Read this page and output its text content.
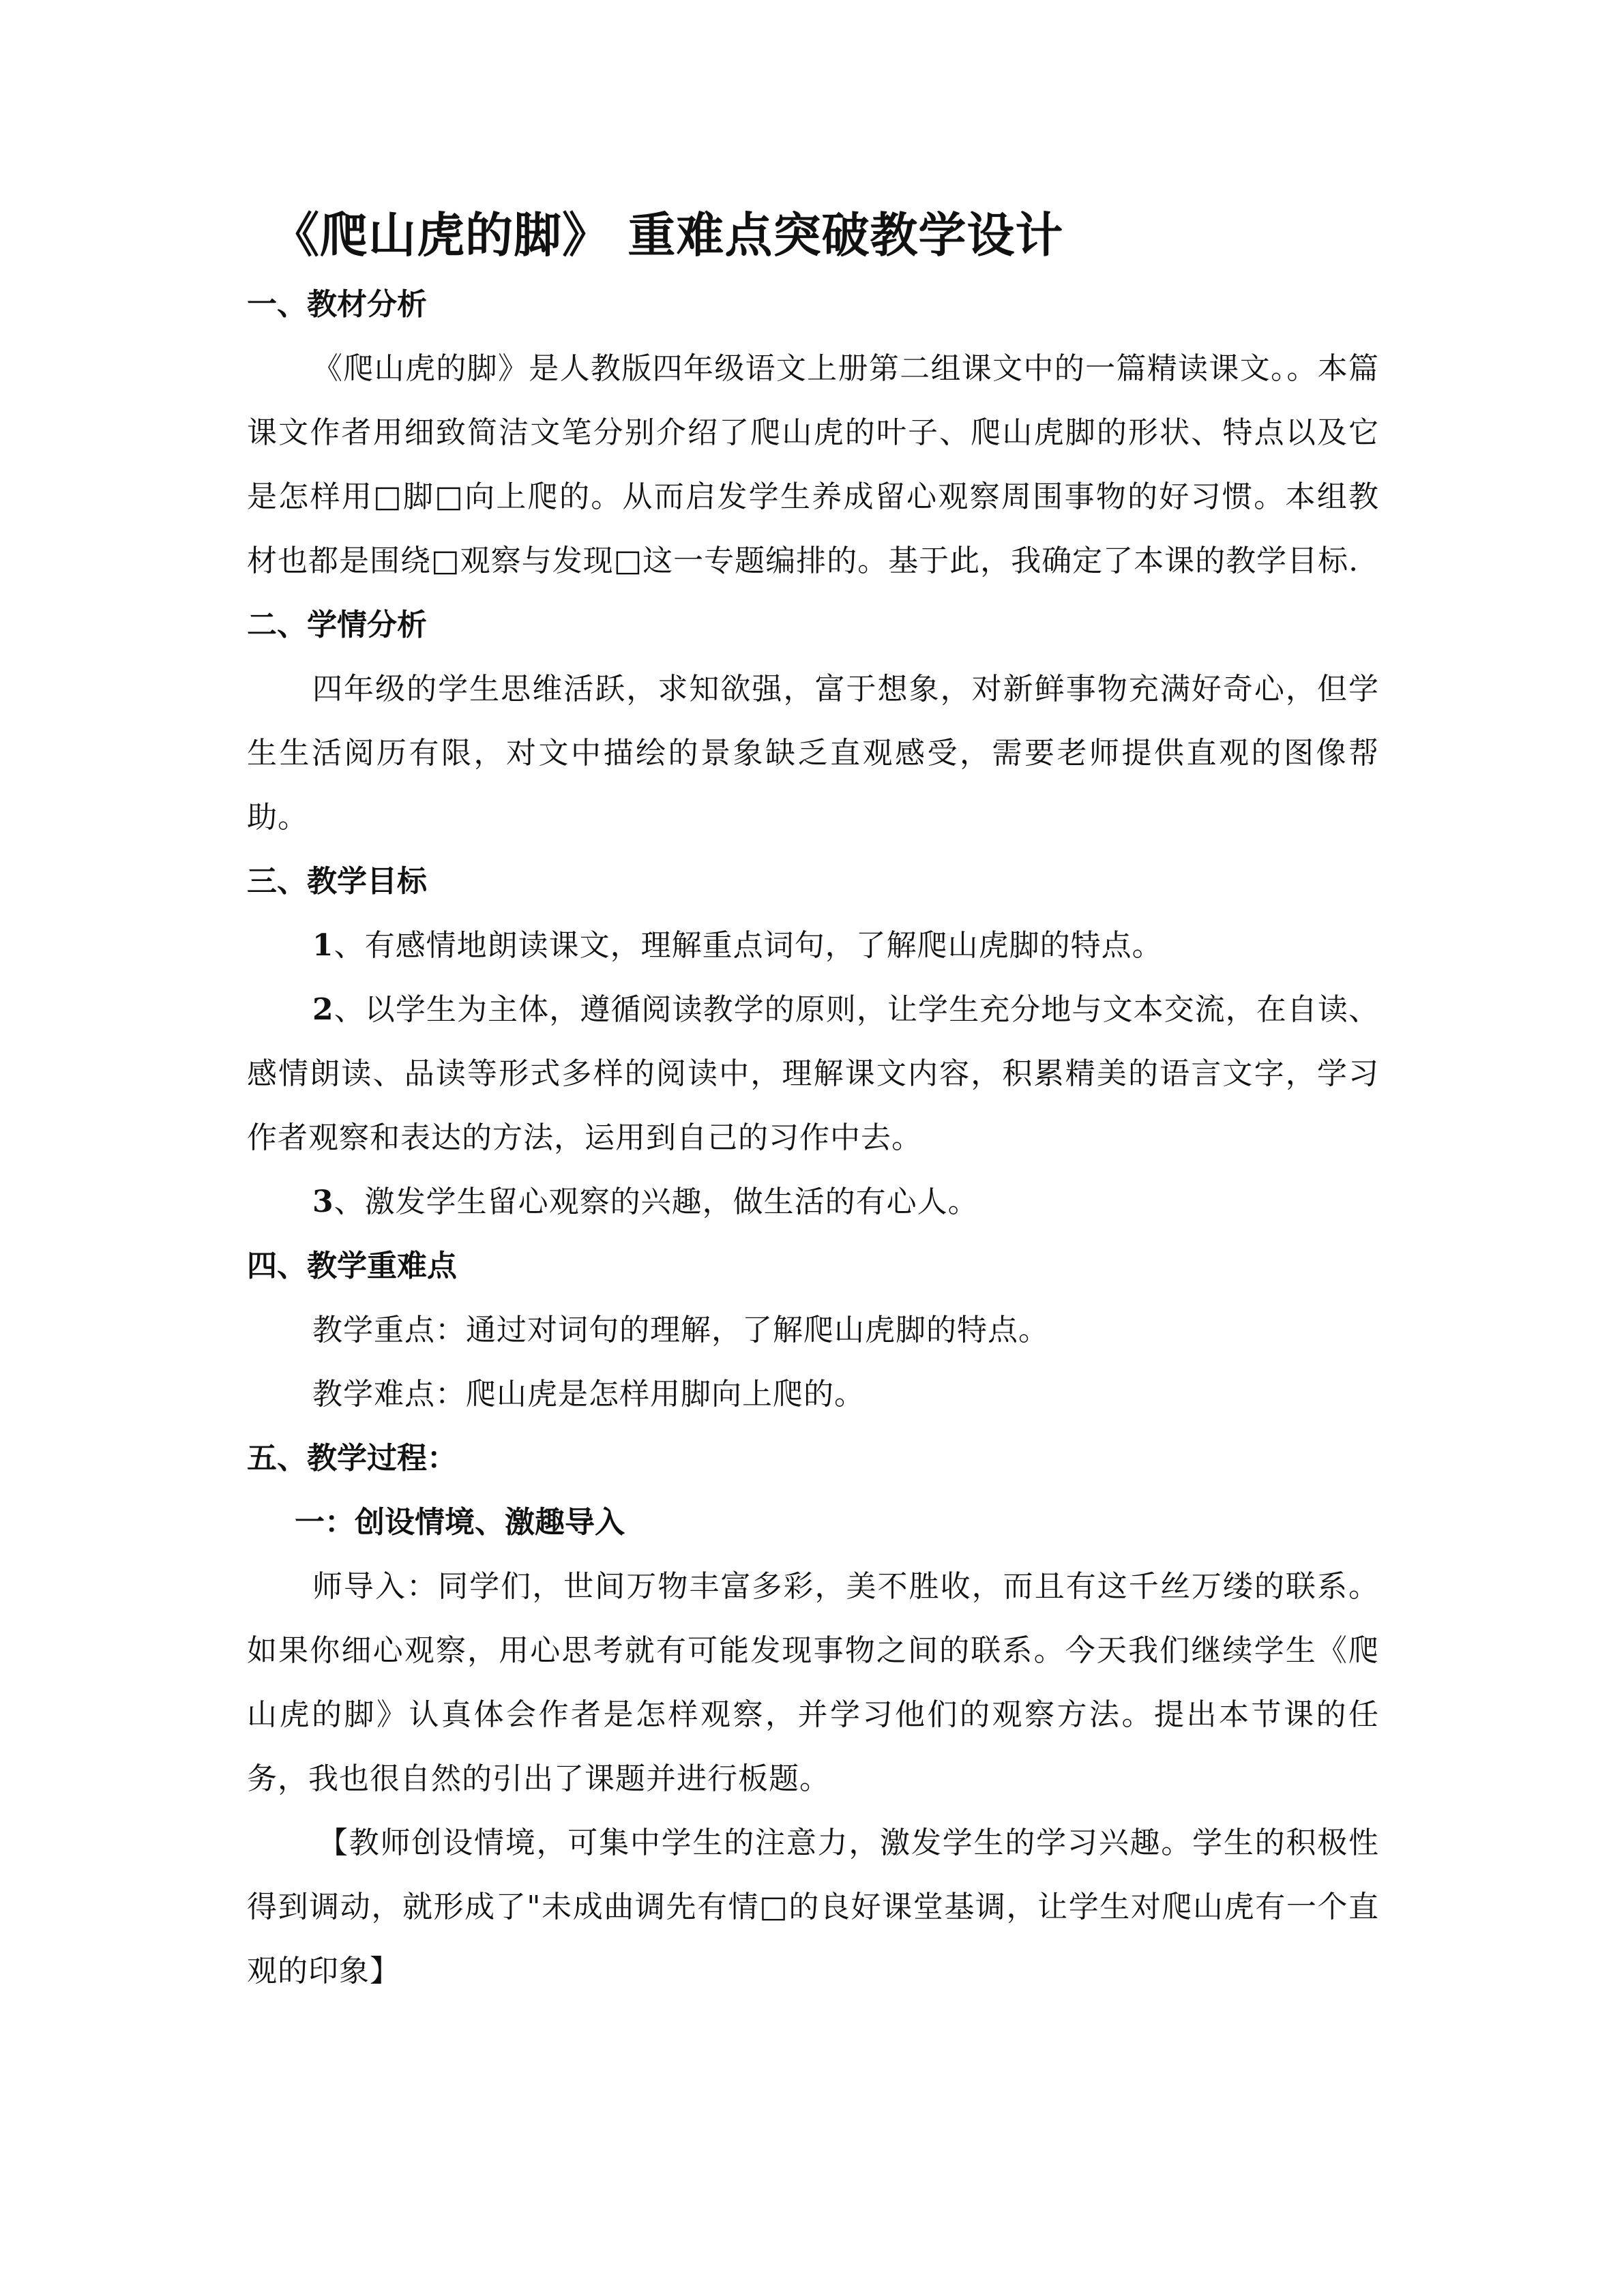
《爬山虎的脚》 重难点突破教学设计
一、教材分析

《爬山虎的脚》是人教版四年级语文上册第二组课文中的一篇精读课文。。本篇课文作者用细致简洁文笔分别介绍了爬山虎的叶子、爬山虎脚的形状、特点以及它是怎样用□脚□向上爬的。从而启发学生养成留心观察周围事物的好习惯。本组教材也都是围绕□观察与发现□这一专题编排的。基于此，我确定了本课的教学目标.

二、学情分析

四年级的学生思维活跃，求知欲强，富于想象，对新鲜事物充满好奇心，但学生生活阅历有限，对文中描绘的景象缺乏直观感受，需要老师提供直观的图像帮助。

三、教学目标

1、有感情地朗读课文，理解重点词句，了解爬山虎脚的特点。

2、以学生为主体，遵循阅读教学的原则，让学生充分地与文本交流，在自读、感情朗读、品读等形式多样的阅读中，理解课文内容，积累精美的语言文字，学习作者观察和表达的方法，运用到自己的习作中去。

3、激发学生留心观察的兴趣，做生活的有心人。

四、教学重难点

教学重点：通过对词句的理解，了解爬山虎脚的特点。

教学难点：爬山虎是怎样用脚向上爬的。

五、教学过程：
一：创设情境、激趣导入

师导入：同学们，世间万物丰富多彩，美不胜收，而且有这千丝万缕的联系。如果你细心观察，用心思考就有可能发现事物之间的联系。今天我们继续学生《爬山虎的脚》认真体会作者是怎样观察，并学习他们的观察方法。提出本节课的任务，我也很自然的引出了课题并进行板题。

【教师创设情境，可集中学生的注意力，激发学生的学习兴趣。学生的积极性得到调动，就形成了"未成曲调先有情□的良好课堂基调，让学生对爬山虎有一个直观的印象】
